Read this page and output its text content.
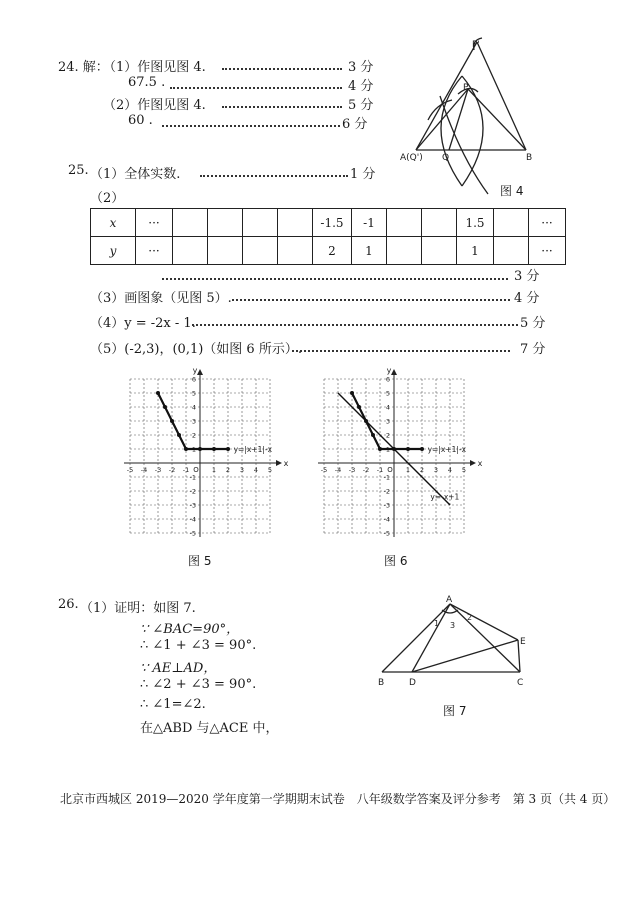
24. 解：
（1）作图见图 4.	3 分
67.5 .	4 分
（2）作图见图 4.	5 分
60 .	6 分
P'
P
A(Q') Q	B
图 4
25. （1）全体实数.	1 分
（2）
x	···					-1.5	-1			1.5		···
y	···					2	1			1		···
3 分
（3）画图象（见图 5）.	4 分
（4）y = -2x - 1.	5 分
（5）(-2,3)，(0,1)（如图 6 所示）.	7 分
x
y
O
-5 -4 -3 -2 -1	1 2 3 4 5
6
5
4
3
2
1
-1
-2
-3
-4
-5
y=|x+1|-x
x
y
O
-5 -4 -3 -2 -1	1 2 3 4 5
6
5
4
3
2
1
-1
-2
-3
-4
-5
y=|x+1|-x
y=-x+1
图 5	图 6
26. （1）证明：如图 7.
∵ ∠BAC=90°，
∴ ∠1 + ∠3 = 90°.
∵ AE⊥AD，
∴ ∠2 + ∠3 = 90°.
∴ ∠1=∠2.
在△ABD 与△ACE 中，
A
B	D	C
E
1 3
2
图 7
北京市西城区 2019—2020 学年度第一学期期末试卷　八年级数学答案及评分参考　第 3 页（共 4 页）
